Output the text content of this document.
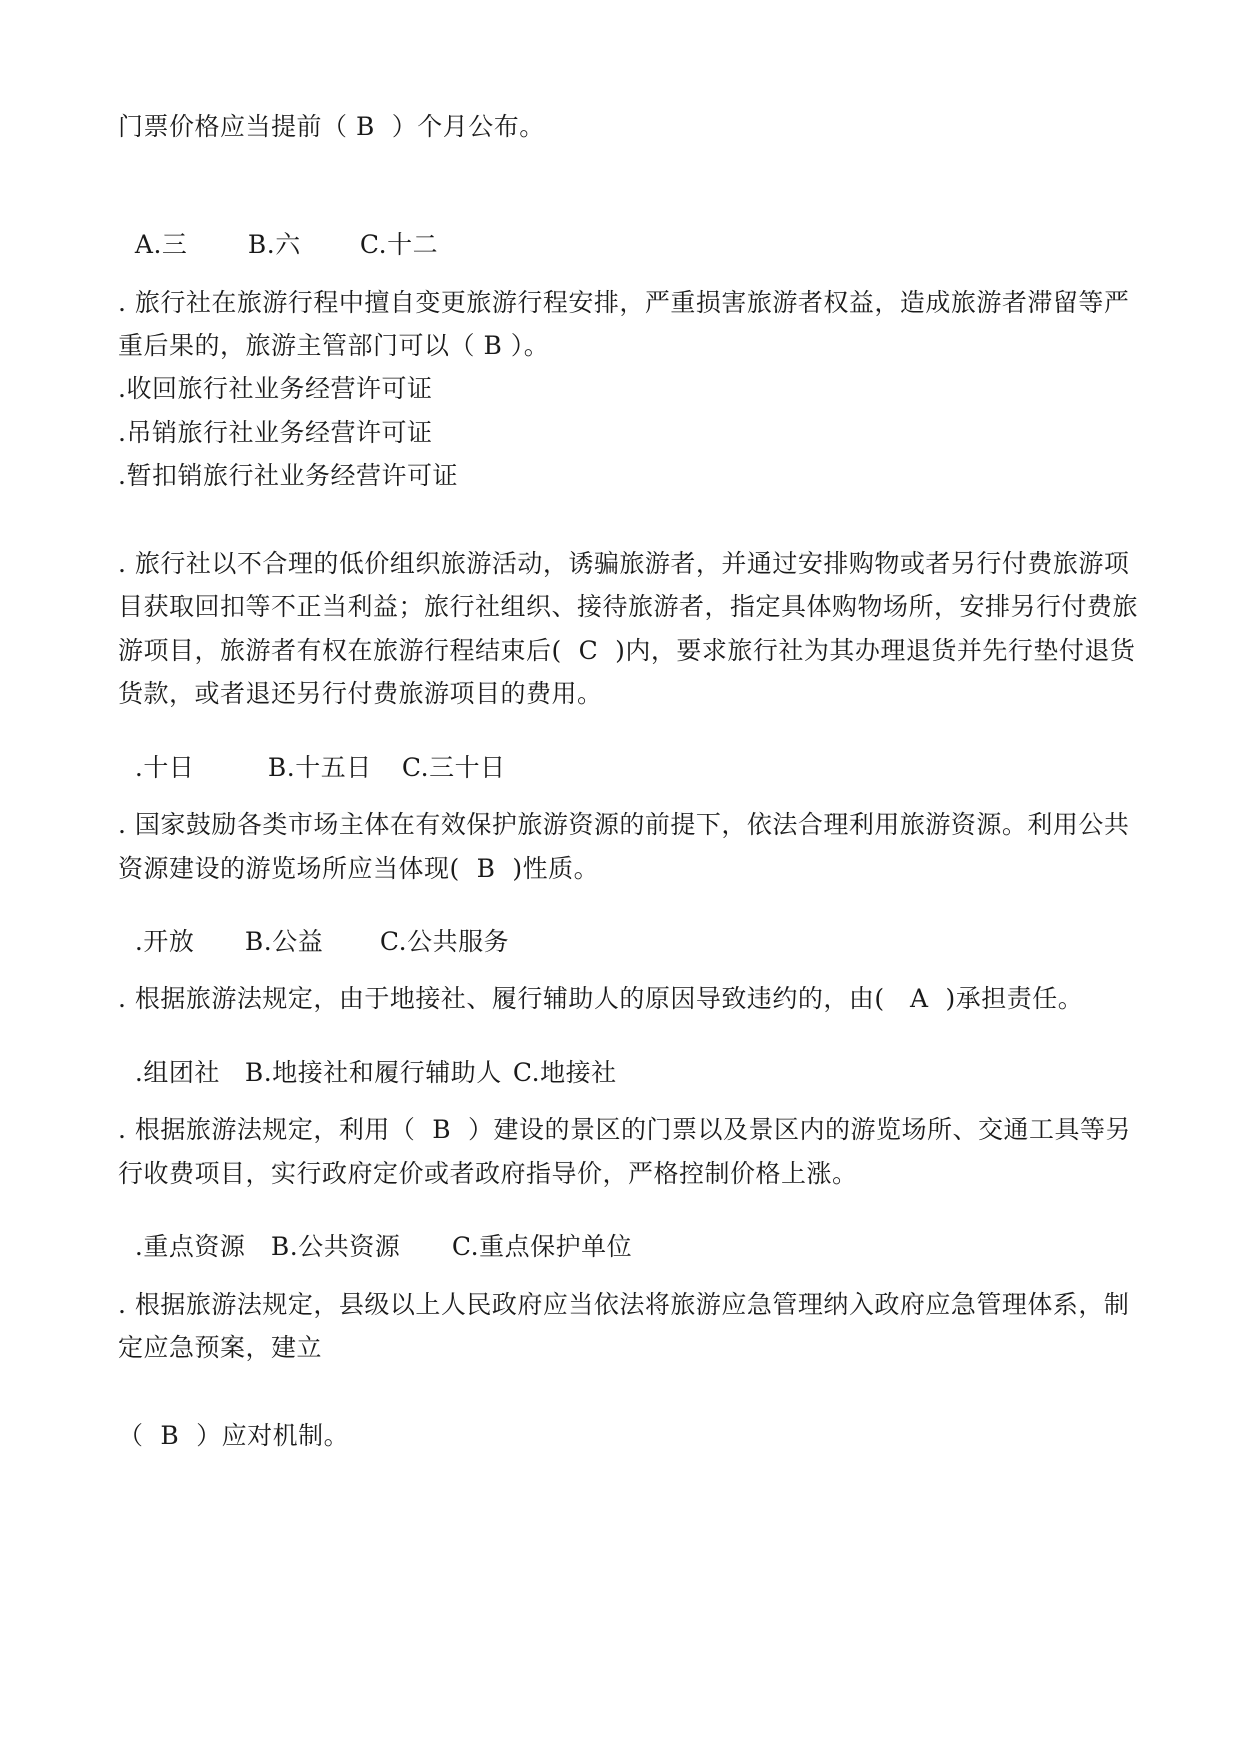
门票价格应当提前（ B  ）个月公布。

A.三 B.六 C.十二

. 旅行社在旅游行程中擅自变更旅游行程安排，严重损害旅游者权益，造成旅游者滞留等严
重后果的，旅游主管部门可以（ B ）。
.收回旅行社业务经营许可证
.吊销旅行社业务经营许可证
.暂扣销旅行社业务经营许可证
. 旅行社以不合理的低价组织旅游活动，诱骗旅游者，并通过安排购物或者另行付费旅游项
目获取回扣等不正当利益；旅行社组织、接待旅游者，指定具体购物场所，安排另行付费旅
游项目，旅游者有权在旅游行程结束后(  C  )内，要求旅行社为其办理退货并先行垫付退货
货款，或者退还另行付费旅游项目的费用。

.十日	B.十五日 C.三十日

. 国家鼓励各类市场主体在有效保护旅游资源的前提下，依法合理利用旅游资源。利用公共
资源建设的游览场所应当体现(  B  )性质。

.开放 B.公益 C.公共服务

. 根据旅游法规定，由于地接社、履行辅助人的原因导致违约的，由(   A  )承担责任。

.组团社 B.地接社和履行辅助人 C.地接社

. 根据旅游法规定，利用（  B  ）建设的景区的门票以及景区内的游览场所、交通工具等另
行收费项目，实行政府定价或者政府指导价，严格控制价格上涨。

.重点资源 B.公共资源 C.重点保护单位

. 根据旅游法规定，县级以上人民政府应当依法将旅游应急管理纳入政府应急管理体系，制
定应急预案，建立
（  B  ）应对机制。
